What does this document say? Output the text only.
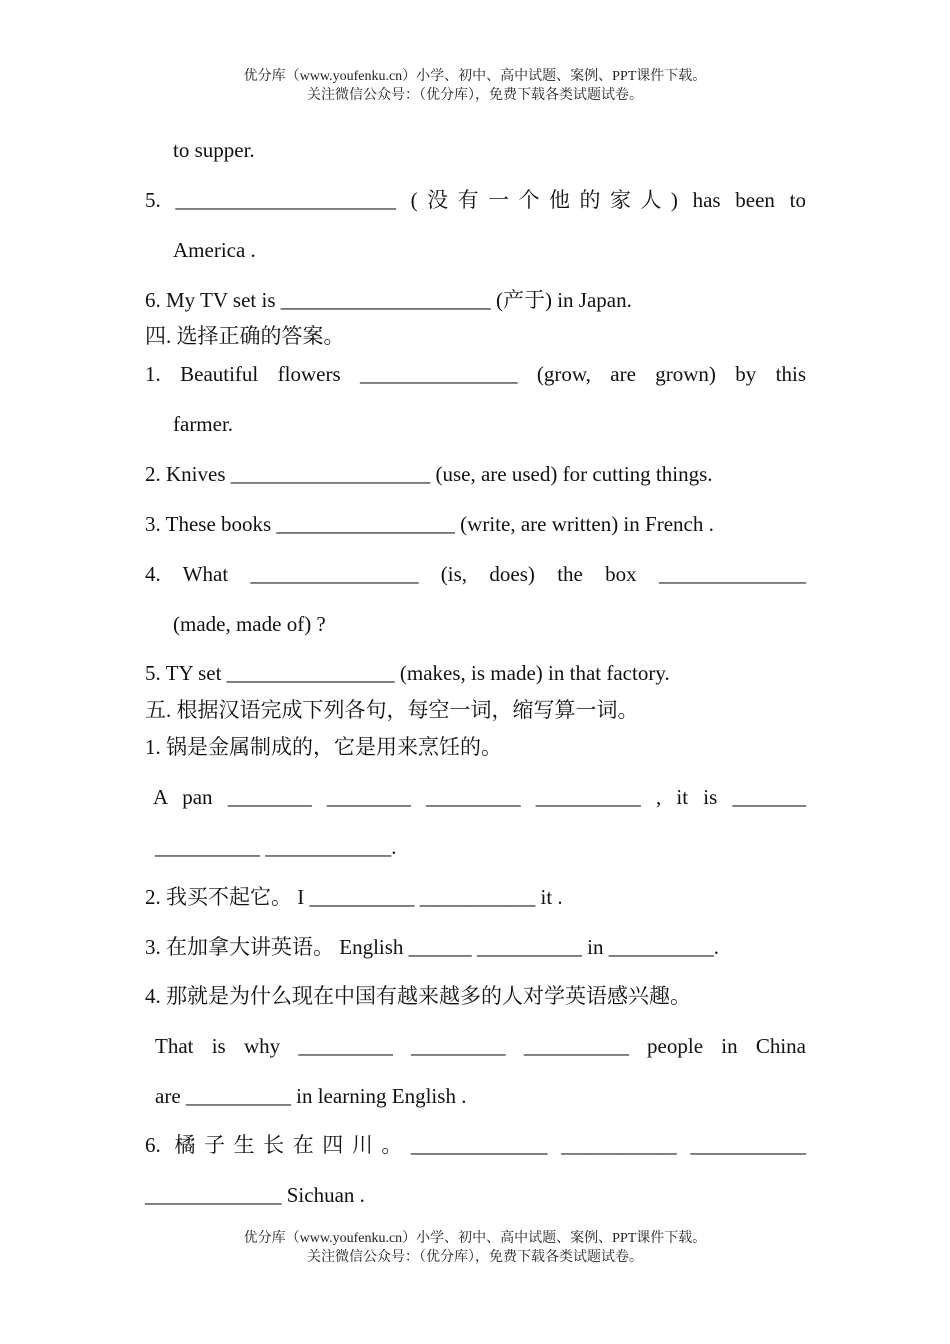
优分库（www.youfenku.cn）小学、初中、高中试题、案例、PPT课件下载。
关注微信公众号：（优分库），免费下载各类试题试卷。
to supper.
5. _____________________ (没有一个他的家人) has been to
America .
6. My TV set is ____________________ (产于) in Japan.
四. 选择正确的答案。
1. Beautiful flowers _______________ (grow, are grown) by this
farmer.
2. Knives ___________________ (use, are used) for cutting things.
3. These books _________________ (write, are written) in French .
4. What ________________ (is, does) the box ______________
(made, made of) ?
5. TY set ________________ (makes, is made) in that factory.
五. 根据汉语完成下列各句，每空一词，缩写算一词。
1. 锅是金属制成的，它是用来烹饪的。
A pan ________ ________ _________ __________ , it is _______
__________ ____________.
2. 我买不起它。 I __________ ___________ it .
3. 在加拿大讲英语。 English ______ __________ in __________.
4. 那就是为什么现在中国有越来越多的人对学英语感兴趣。
That is why _________ _________ __________ people in China
are __________ in learning English .
6. 橘子生长在四川。_____________ ___________ ___________
_____________ Sichuan .
优分库（www.youfenku.cn）小学、初中、高中试题、案例、PPT课件下载。
关注微信公众号：（优分库），免费下载各类试题试卷。
